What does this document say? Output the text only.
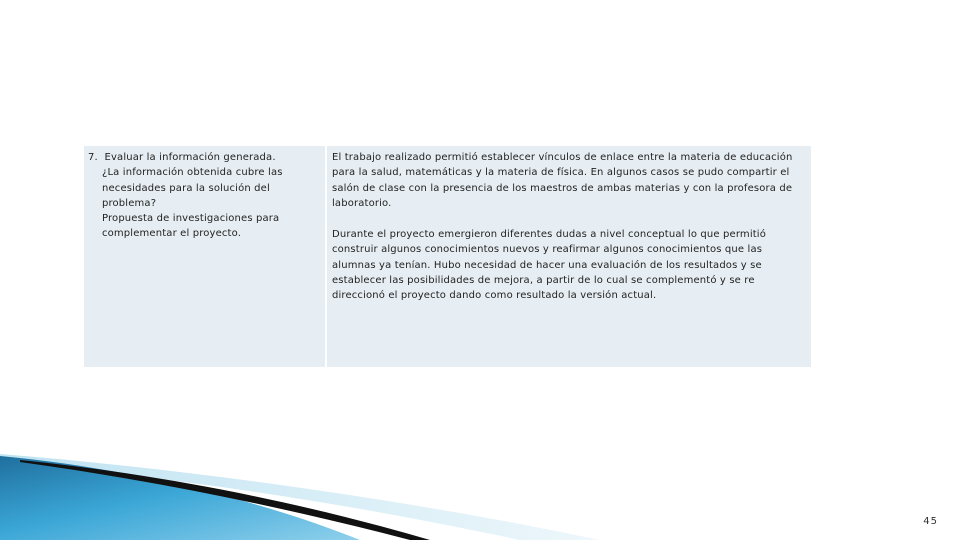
7. Evaluar la información generada.
¿La información obtenida cubre las
necesidades para la solución del
problema?
Propuesta de investigaciones para
complementar el proyecto.

El trabajo realizado permitió establecer vínculos de enlace entre la materia de educación para la salud, matemáticas y la materia de física. En algunos casos se pudo compartir el salón de clase con la presencia de los maestros de ambas materias y con la profesora de laboratorio.

Durante el proyecto emergieron diferentes dudas a nivel conceptual lo que permitió construir algunos conocimientos nuevos y reafirmar algunos conocimientos que las alumnas ya tenían. Hubo necesidad de hacer una evaluación de los resultados y se establecer las posibilidades de mejora, a partir de lo cual se complementó y se re direccionó el proyecto dando como resultado la versión actual.

45
